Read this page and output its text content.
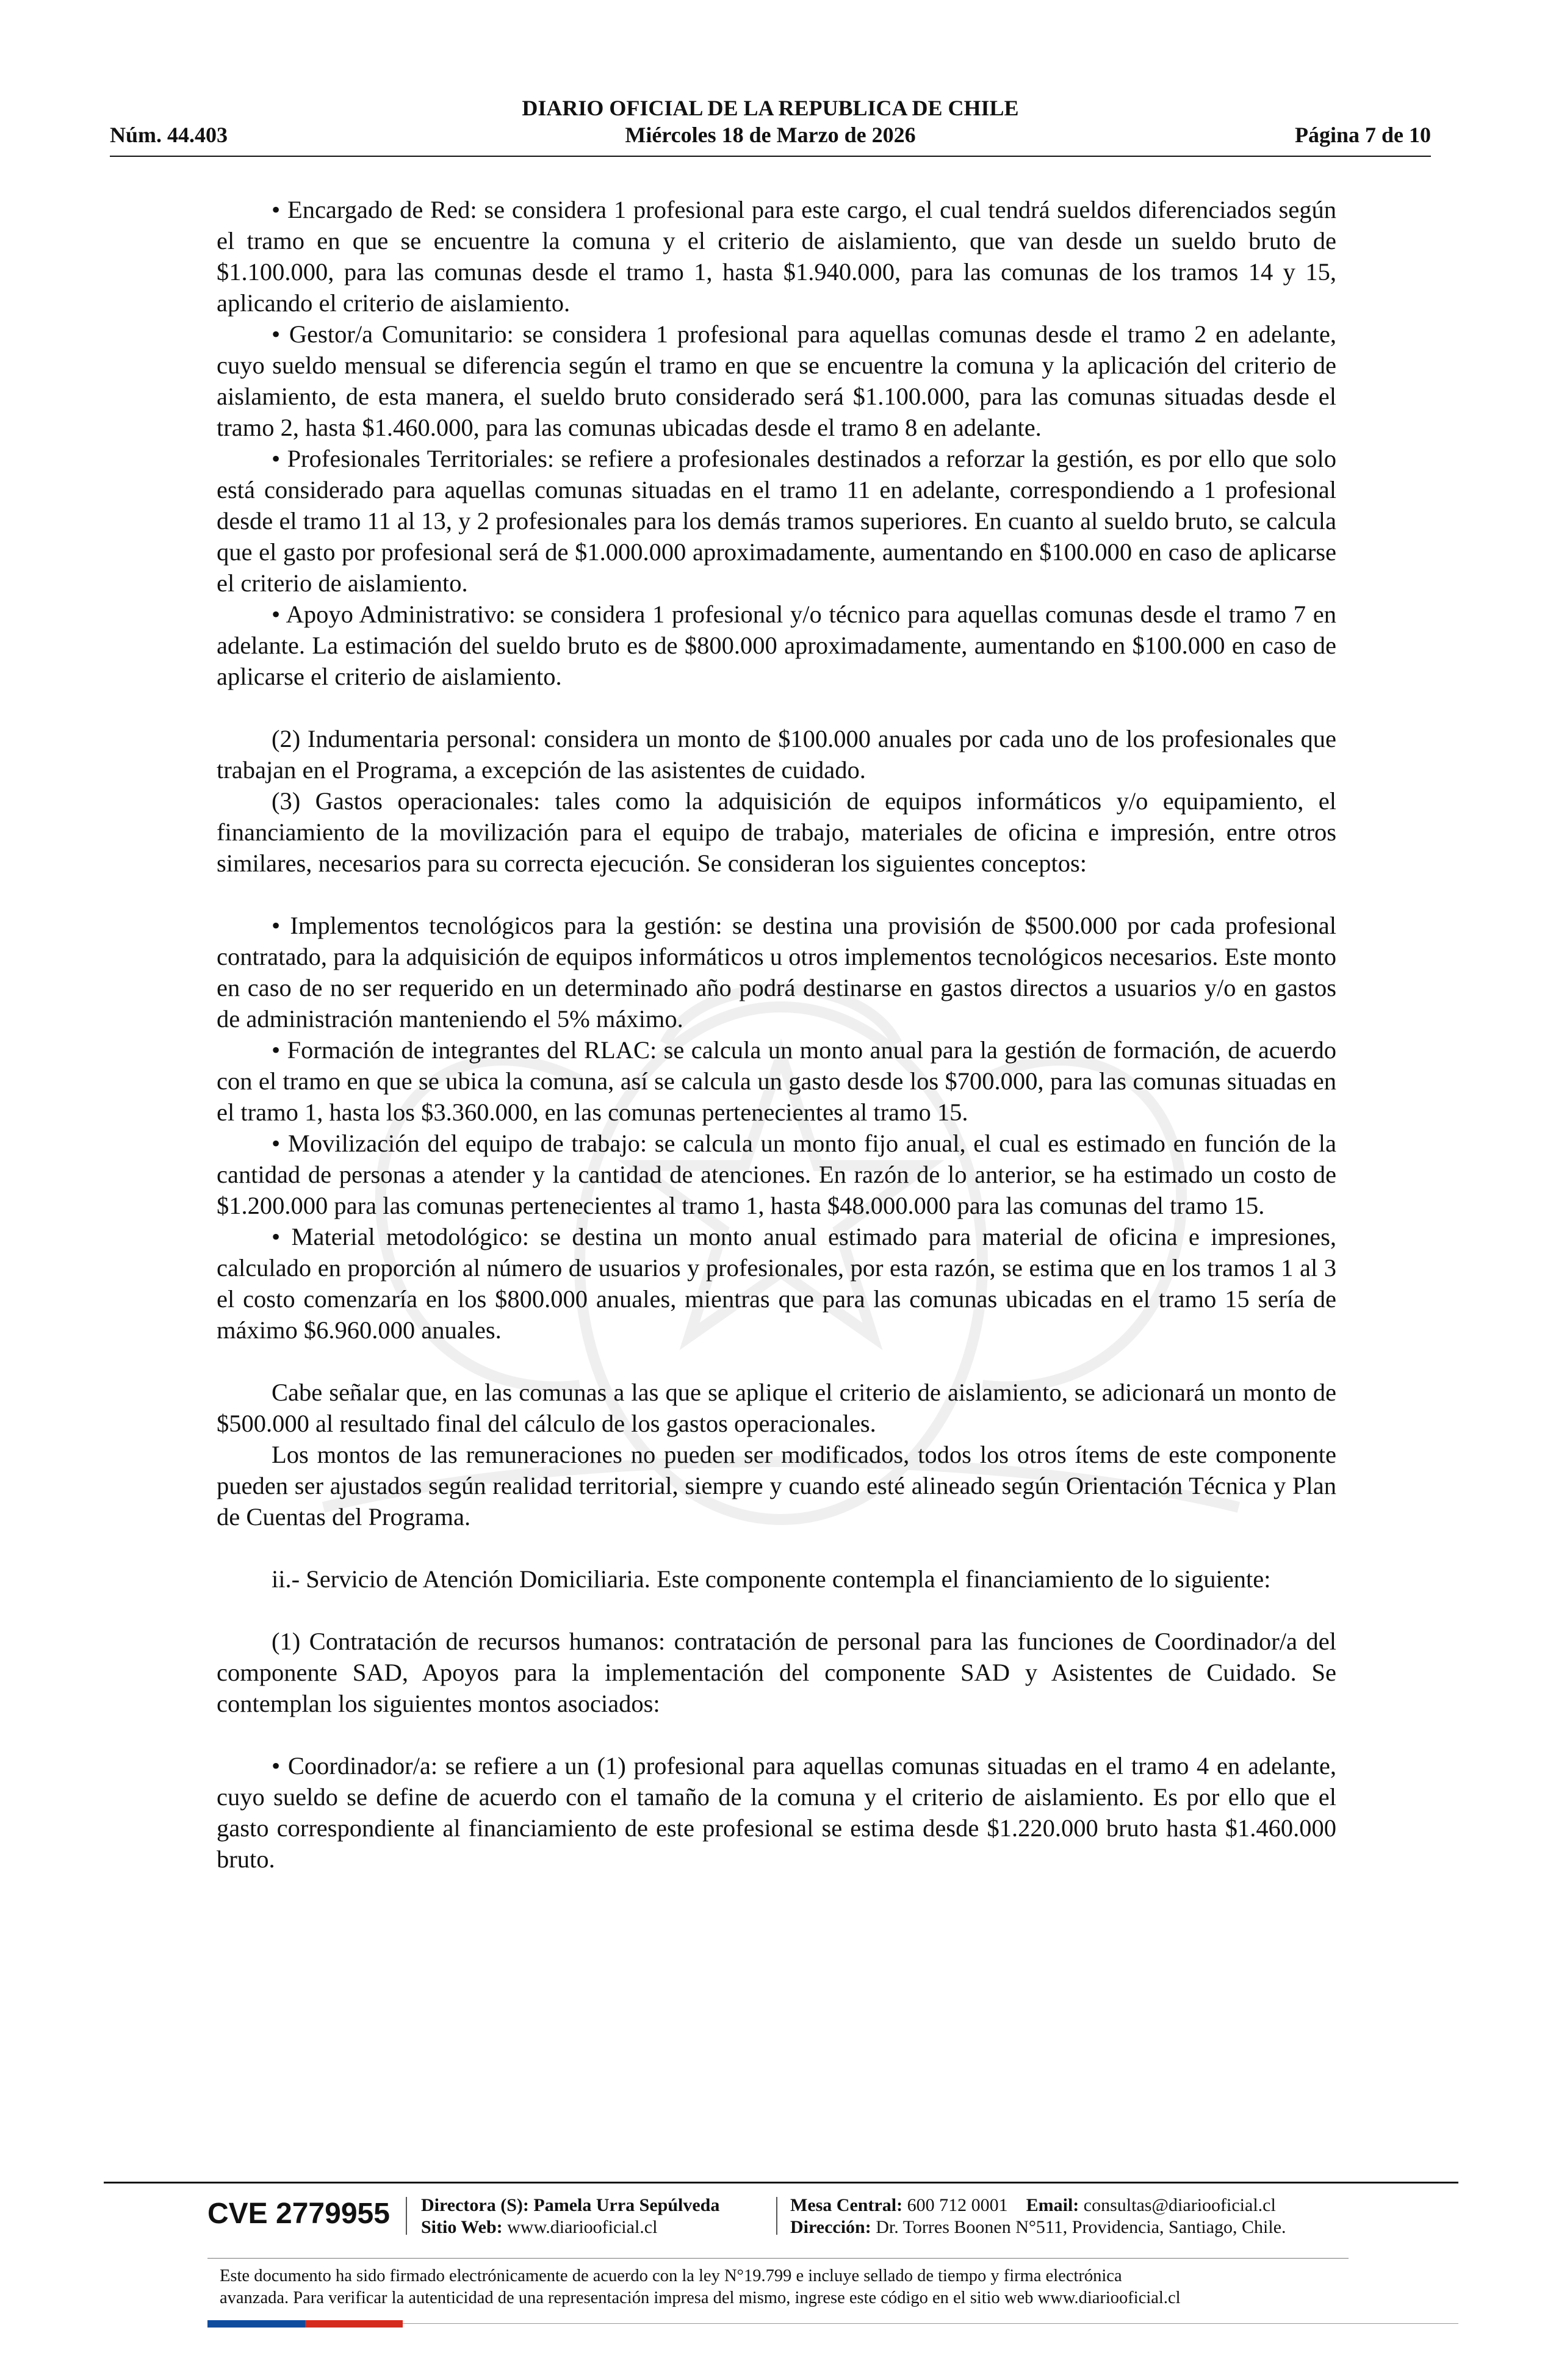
DIARIO OFICIAL DE LA REPUBLICA DE CHILE
Miércoles 18 de Marzo de 2026
Núm. 44.403	Página 7 de 10

• Encargado de Red: se considera 1 profesional para este cargo, el cual tendrá sueldos diferenciados según el tramo en que se encuentre la comuna y el criterio de aislamiento, que van desde un sueldo bruto de $1.100.000, para las comunas desde el tramo 1, hasta $1.940.000, para las comunas de los tramos 14 y 15, aplicando el criterio de aislamiento.

• Gestor/a Comunitario: se considera 1 profesional para aquellas comunas desde el tramo 2 en adelante, cuyo sueldo mensual se diferencia según el tramo en que se encuentre la comuna y la aplicación del criterio de aislamiento, de esta manera, el sueldo bruto considerado será $1.100.000, para las comunas situadas desde el tramo 2, hasta $1.460.000, para las comunas ubicadas desde el tramo 8 en adelante.

• Profesionales Territoriales: se refiere a profesionales destinados a reforzar la gestión, es por ello que solo está considerado para aquellas comunas situadas en el tramo 11 en adelante, correspondiendo a 1 profesional desde el tramo 11 al 13, y 2 profesionales para los demás tramos superiores. En cuanto al sueldo bruto, se calcula que el gasto por profesional será de $1.000.000 aproximadamente, aumentando en $100.000 en caso de aplicarse el criterio de aislamiento.

• Apoyo Administrativo: se considera 1 profesional y/o técnico para aquellas comunas desde el tramo 7 en adelante. La estimación del sueldo bruto es de $800.000 aproximadamente, aumentando en $100.000 en caso de aplicarse el criterio de aislamiento.

(2) Indumentaria personal: considera un monto de $100.000 anuales por cada uno de los profesionales que trabajan en el Programa, a excepción de las asistentes de cuidado.

(3) Gastos operacionales: tales como la adquisición de equipos informáticos y/o equipamiento, el financiamiento de la movilización para el equipo de trabajo, materiales de oficina e impresión, entre otros similares, necesarios para su correcta ejecución. Se consideran los siguientes conceptos:

• Implementos tecnológicos para la gestión: se destina una provisión de $500.000 por cada profesional contratado, para la adquisición de equipos informáticos u otros implementos tecnológicos necesarios. Este monto en caso de no ser requerido en un determinado año podrá destinarse en gastos directos a usuarios y/o en gastos de administración manteniendo el 5% máximo.

• Formación de integrantes del RLAC: se calcula un monto anual para la gestión de formación, de acuerdo con el tramo en que se ubica la comuna, así se calcula un gasto desde los $700.000, para las comunas situadas en el tramo 1, hasta los $3.360.000, en las comunas pertenecientes al tramo 15.

• Movilización del equipo de trabajo: se calcula un monto fijo anual, el cual es estimado en función de la cantidad de personas a atender y la cantidad de atenciones. En razón de lo anterior, se ha estimado un costo de $1.200.000 para las comunas pertenecientes al tramo 1, hasta $48.000.000 para las comunas del tramo 15.

• Material metodológico: se destina un monto anual estimado para material de oficina e impresiones, calculado en proporción al número de usuarios y profesionales, por esta razón, se estima que en los tramos 1 al 3 el costo comenzaría en los $800.000 anuales, mientras que para las comunas ubicadas en el tramo 15 sería de máximo $6.960.000 anuales.

Cabe señalar que, en las comunas a las que se aplique el criterio de aislamiento, se adicionará un monto de $500.000 al resultado final del cálculo de los gastos operacionales.

Los montos de las remuneraciones no pueden ser modificados, todos los otros ítems de este componente pueden ser ajustados según realidad territorial, siempre y cuando esté alineado según Orientación Técnica y Plan de Cuentas del Programa.

ii.- Servicio de Atención Domiciliaria. Este componente contempla el financiamiento de lo siguiente:

(1) Contratación de recursos humanos: contratación de personal para las funciones de Coordinador/a del componente SAD, Apoyos para la implementación del componente SAD y Asistentes de Cuidado. Se contemplan los siguientes montos asociados:

• Coordinador/a: se refiere a un (1) profesional para aquellas comunas situadas en el tramo 4 en adelante, cuyo sueldo se define de acuerdo con el tamaño de la comuna y el criterio de aislamiento. Es por ello que el gasto correspondiente al financiamiento de este profesional se estima desde $1.220.000 bruto hasta $1.460.000 bruto.

CVE 2779955 Directora (S): Pamela Urra Sepúlveda
Sitio Web: www.diariooficial.cl
Mesa Central: 600 712 0001 Email: consultas@diariooficial.cl
Dirección: Dr. Torres Boonen N°511, Providencia, Santiago, Chile.
Este documento ha sido firmado electrónicamente de acuerdo con la ley N°19.799 e incluye sellado de tiempo y firma electrónica
avanzada. Para verificar la autenticidad de una representación impresa del mismo, ingrese este código en el sitio web www.diariooficial.cl
